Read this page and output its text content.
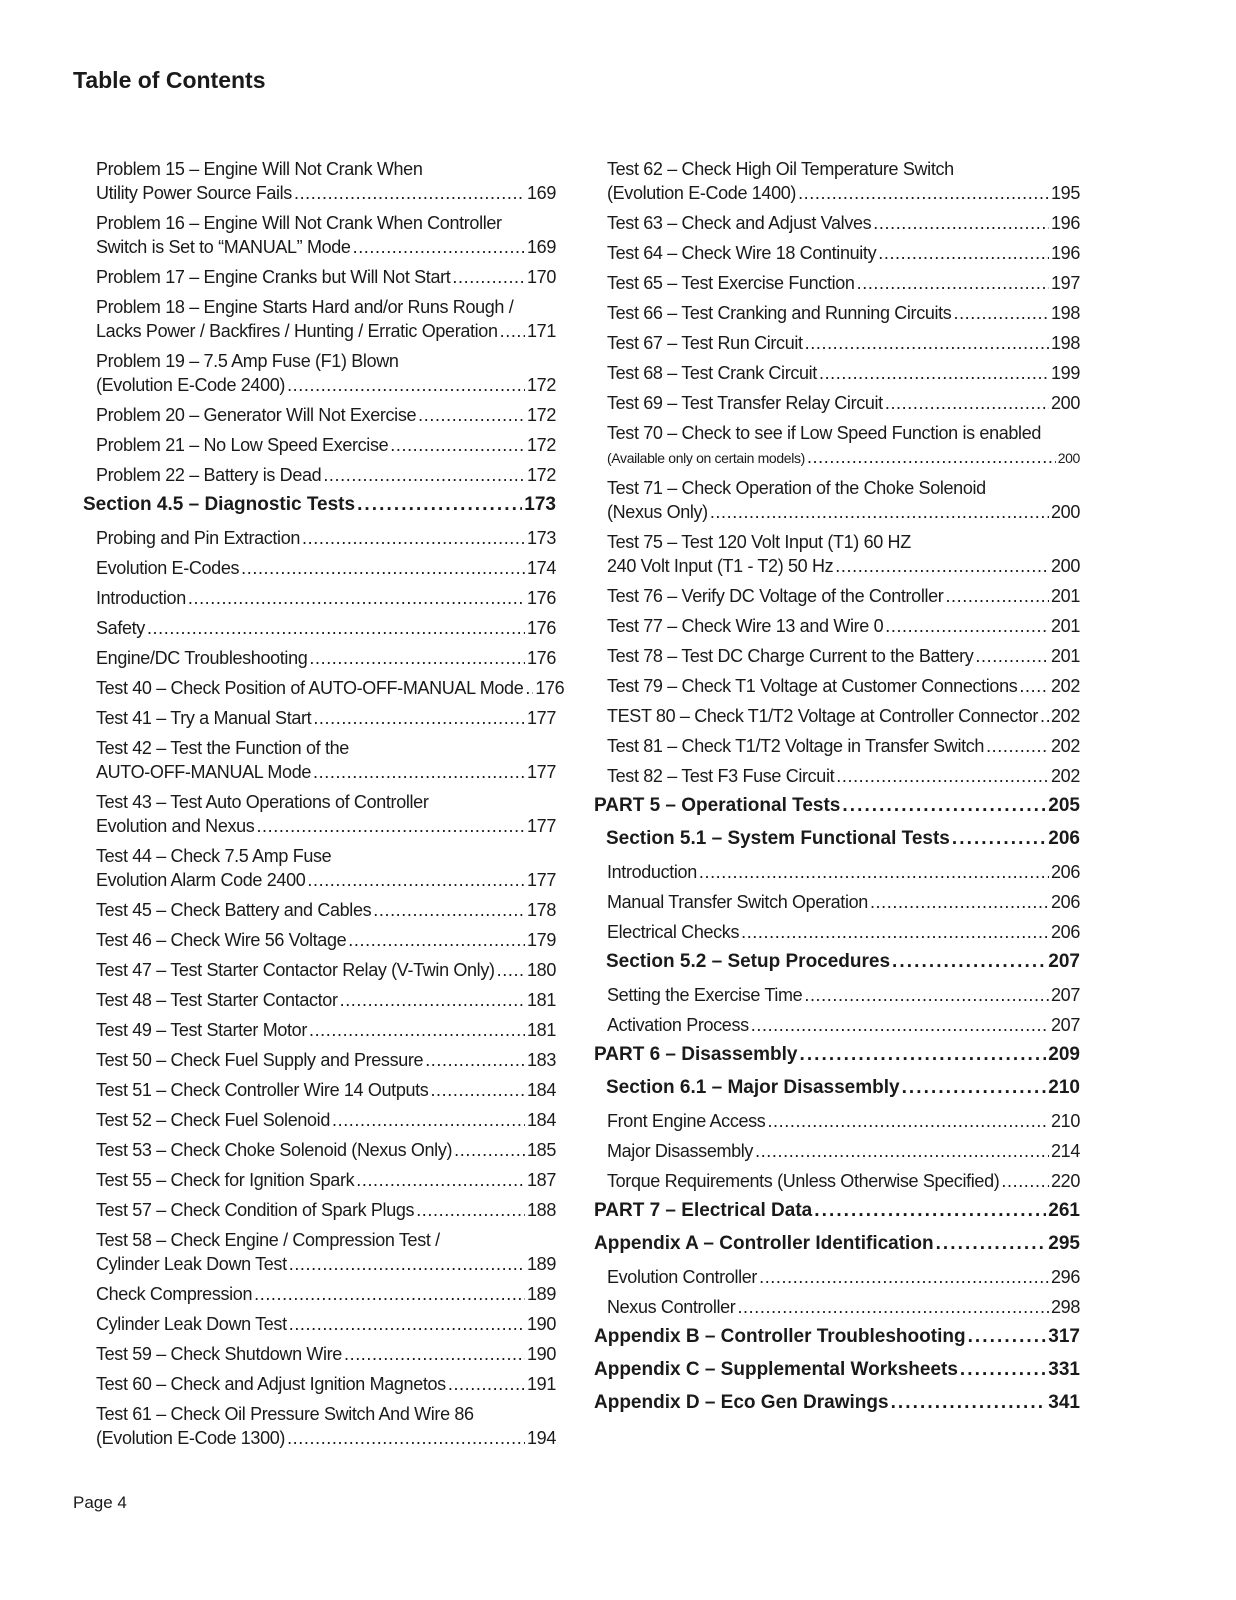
Table of Contents
Problem 15 – Engine Will Not Crank When
Utility Power Source Fails . . .	169
Problem 16 – Engine Will Not Crank When Controller
Switch is Set to “MANUAL” Mode . . .	169
Problem 17 – Engine Cranks but Will Not Start . . .	170
Problem 18 – Engine Starts Hard and/or Runs Rough /
Lacks Power / Backfires / Hunting / Erratic Operation . . . 171
Problem 19 – 7.5 Amp Fuse (F1) Blown
(Evolution E-Code 2400) . . .	172
Problem 20 – Generator Will Not Exercise . . .	172
Problem 21 – No Low Speed Exercise . . .	172
Problem 22 – Battery is Dead . . .	172
Section 4.5 – Diagnostic Tests . . .	173
Probing and Pin Extraction . . .	173
Evolution E-Codes . . .	174
Introduction . . .	176
Safety . . .	176
Engine/DC Troubleshooting . . .	176
Test 40 – Check Position of AUTO-OFF-MANUAL Mode . . . 176
Test 41 – Try a Manual Start . . .	177
Test 42 – Test the Function of the
AUTO-OFF-MANUAL Mode . . .	177
Test 43 – Test Auto Operations of Controller
Evolution and Nexus . . .	177
Test 44 – Check 7.5 Amp Fuse
Evolution Alarm Code 2400 . . .	177
Test 45 – Check Battery and Cables . . .	178
Test 46 – Check Wire 56 Voltage . . .	179
Test 47 – Test Starter Contactor Relay (V-Twin Only) . . . 180
Test 48 – Test Starter Contactor . . .	181
Test 49 – Test Starter Motor . . .	181
Test 50 – Check Fuel Supply and Pressure . . .	183
Test 51 – Check Controller Wire 14 Outputs . . .	184
Test 52 – Check Fuel Solenoid . . .	184
Test 53 – Check Choke Solenoid (Nexus Only) . . .	185
Test 55 – Check for Ignition Spark . . .	187
Test 57 – Check Condition of Spark Plugs . . .	188
Test 58 – Check Engine / Compression Test /
Cylinder Leak Down Test . . .	189
Check Compression . . .	189
Cylinder Leak Down Test . . .	190
Test 59 – Check Shutdown Wire . . .	190
Test 60 – Check and Adjust Ignition Magnetos . . .	191
Test 61 – Check Oil Pressure Switch And Wire 86
(Evolution E-Code 1300) . . .	194
Test 62 – Check High Oil Temperature Switch
(Evolution E-Code 1400) . . .	195
Test 63 – Check and Adjust Valves . . .	196
Test 64 – Check Wire 18 Continuity . . .	196
Test 65 – Test Exercise Function . . .	197
Test 66 – Test Cranking and Running Circuits . . .	198
Test 67 – Test Run Circuit . . .	198
Test 68 – Test Crank Circuit . . .	199
Test 69 – Test Transfer Relay Circuit . . .	200
Test 70 – Check to see if Low Speed Function is enabled
(Available only on certain models) . . .	200
Test 71 – Check Operation of the Choke Solenoid
(Nexus Only) . . .	200
Test 75 – Test 120 Volt Input (T1) 60 HZ
240 Volt Input (T1 - T2) 50 Hz . . .	200
Test 76 – Verify DC Voltage of the Controller . . .	201
Test 77 – Check Wire 13 and Wire 0 . . .	201
Test 78 – Test DC Charge Current to the Battery . . .	201
Test 79 – Check T1 Voltage at Customer Connections . . . 202
TEST 80 – Check T1/T2 Voltage at Controller Connector . . . 202
Test 81 – Check T1/T2 Voltage in Transfer Switch . . .	202
Test 82 – Test F3 Fuse Circuit . . .	202
PART 5 – Operational Tests . . .	205
Section 5.1 – System Functional Tests . . .	206
Introduction . . .	206
Manual Transfer Switch Operation . . .	206
Electrical Checks . . .	206
Section 5.2 – Setup Procedures . . .	207
Setting the Exercise Time . . .	207
Activation Process . . .	207
PART 6 – Disassembly . . .	209
Section 6.1 – Major Disassembly . . .	210
Front Engine Access . . .	210
Major Disassembly . . .	214
Torque Requirements (Unless Otherwise Specified) . . .	220
PART 7 – Electrical Data . . .	261
Appendix A – Controller Identification . . .	295
Evolution Controller . . .	296
Nexus Controller . . .	298
Appendix B – Controller Troubleshooting . . .	317
Appendix C – Supplemental Worksheets . . .	331
Appendix D – Eco Gen Drawings . . .	341
Page 4
